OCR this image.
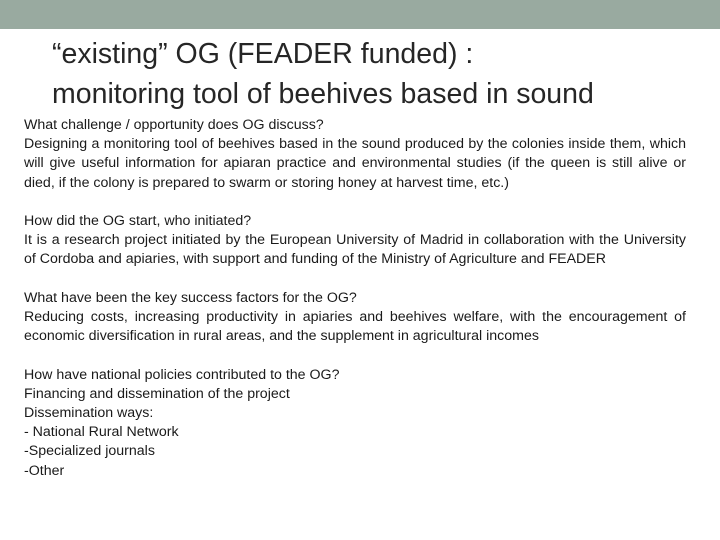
“existing” OG (FEADER funded) :
monitoring tool of beehives based in sound
What challenge / opportunity does OG discuss?
Designing a monitoring tool of beehives based in the sound produced by the colonies inside them, which will give useful information for apiaran practice and environmental studies (if the queen is still alive or died, if the colony is prepared to swarm or storing honey at harvest time, etc.)
How did the OG start, who initiated?
It is a research project initiated by the European University of Madrid in collaboration with the University of Cordoba and apiaries, with support and funding of the Ministry of Agriculture and FEADER
What have been the key success factors for the OG?
Reducing costs, increasing productivity in apiaries and beehives welfare, with the encouragement of economic diversification in rural areas, and the supplement in agricultural incomes
How have national policies contributed to the OG?
Financing and dissemination of the project
Dissemination ways:
- National Rural Network
-Specialized journals
-Other
